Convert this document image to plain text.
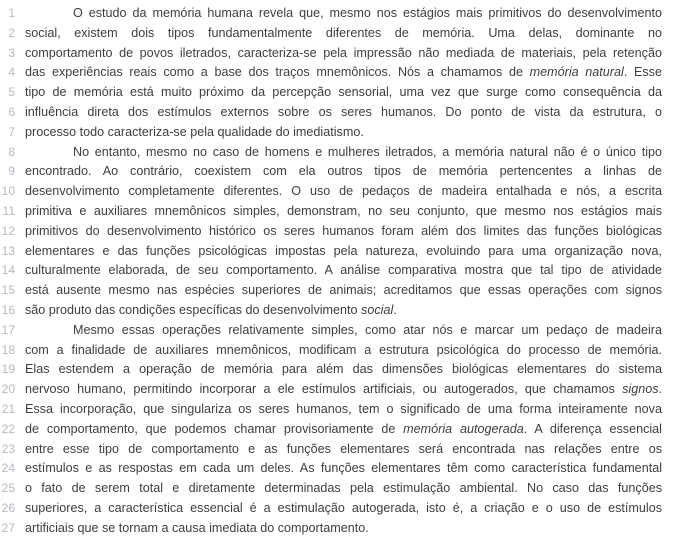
1	O estudo da memória humana revela que, mesmo nos estágios mais primitivos do desenvolvimento
2 social, existem dois tipos fundamentalmente diferentes de memória. Uma delas, dominante no
3 comportamento de povos iletrados, caracteriza-se pela impressão não mediada de materiais, pela retenção
4 das experiências reais como a base dos traços mnemônicos. Nós a chamamos de memória natural. Esse
5 tipo de memória está muito próximo da percepção sensorial, uma vez que surge como consequência da
6 influência direta dos estímulos externos sobre os seres humanos. Do ponto de vista da estrutura, o
7 processo todo caracteriza-se pela qualidade do imediatismo.
8	No entanto, mesmo no caso de homens e mulheres iletrados, a memória natural não é o único tipo
9 encontrado. Ao contrário, coexistem com ela outros tipos de memória pertencentes a linhas de
10 desenvolvimento completamente diferentes. O uso de pedaços de madeira entalhada e nós, a escrita
11 primitiva e auxiliares mnemônicos simples, demonstram, no seu conjunto, que mesmo nos estágios mais
12 primitivos do desenvolvimento histórico os seres humanos foram além dos limites das funções biológicas
13 elementares e das funções psicológicas impostas pela natureza, evoluindo para uma organização nova,
14 culturalmente elaborada, de seu comportamento. A análise comparativa mostra que tal tipo de atividade
15 está ausente mesmo nas espécies superiores de animais; acreditamos que essas operações com signos
16 são produto das condições específicas do desenvolvimento social.
17	Mesmo essas operações relativamente simples, como atar nós e marcar um pedaço de madeira
18 com a finalidade de auxiliares mnemônicos, modificam a estrutura psicológica do processo de memória.
19 Elas estendem a operação de memória para além das dimensões biológicas elementares do sistema
20 nervoso humano, permitindo incorporar a ele estímulos artificiais, ou autogerados, que chamamos signos.
21 Essa incorporação, que singulariza os seres humanos, tem o significado de uma forma inteiramente nova
22 de comportamento, que podemos chamar provisoriamente de memória autogerada. A diferença essencial
23 entre esse tipo de comportamento e as funções elementares será encontrada nas relações entre os
24 estímulos e as respostas em cada um deles. As funções elementares têm como característica fundamental
25 o fato de serem total e diretamente determinadas pela estimulação ambiental. No caso das funções
26 superiores, a característica essencial é a estimulação autogerada, isto é, a criação e o uso de estímulos
27 artificiais que se tornam a causa imediata do comportamento.
